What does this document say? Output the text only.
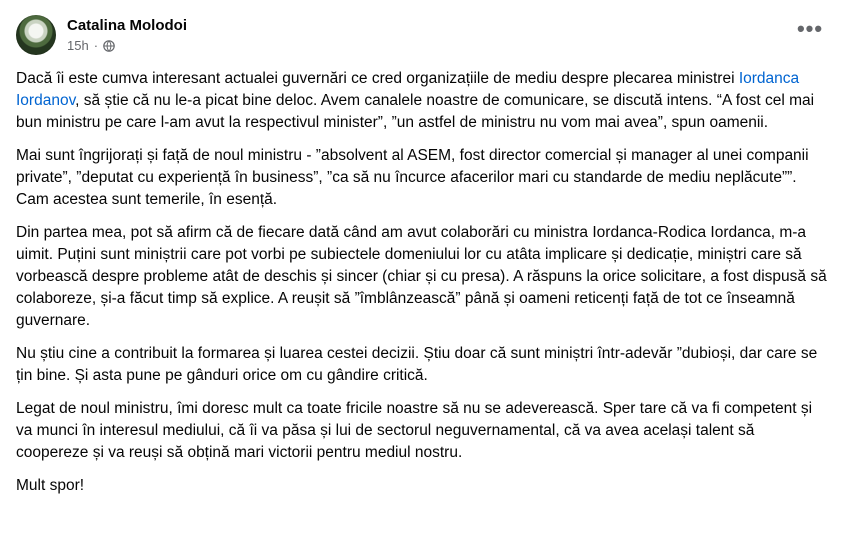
Catalina Molodoi
15h ·
•••

Dacă îi este cumva interesant actualei guvernări ce cred organizațiile de mediu despre plecarea ministrei Iordanca Iordanov, să știe că nu le-a picat bine deloc. Avem canalele noastre de comunicare, se discută intens. “A fost cel mai bun ministru pe care l-am avut la respectivul minister”, ”un astfel de ministru nu vom mai avea”, spun oamenii.

Mai sunt îngrijorați și față de noul ministru - ”absolvent al ASEM, fost director comercial și manager al unei companii private”, ”deputat cu experiență în business”, ”ca să nu încurce afacerilor mari cu standarde de mediu neplăcute””. Cam acestea sunt temerile, în esență.

Din partea mea, pot să afirm că de fiecare dată când am avut colaborări cu ministra Iordanca-Rodica Iordanca, m-a uimit. Puțini sunt miniștrii care pot vorbi pe subiectele domeniului lor cu atâta implicare și dedicație, miniștri care să vorbească despre probleme atât de deschis și sincer (chiar și cu presa). A răspuns la orice solicitare, a fost dispusă să colaboreze, și-a făcut timp să explice. A reușit să ”îmblânzească” până și oameni reticenți față de tot ce înseamnă guvernare.

Nu știu cine a contribuit la formarea și luarea cestei decizii. Știu doar că sunt miniștri într-adevăr ”dubioși, dar care se țin bine. Și asta pune pe gânduri orice om cu gândire critică.

Legat de noul ministru, îmi doresc mult ca toate fricile noastre să nu se adeverească. Sper tare că va fi competent și va munci în interesul mediului, că îi va păsa și lui de sectorul neguvernamental, că va avea același talent să coopereze și va reuși să obțină mari victorii pentru mediul nostru.

Mult spor!
